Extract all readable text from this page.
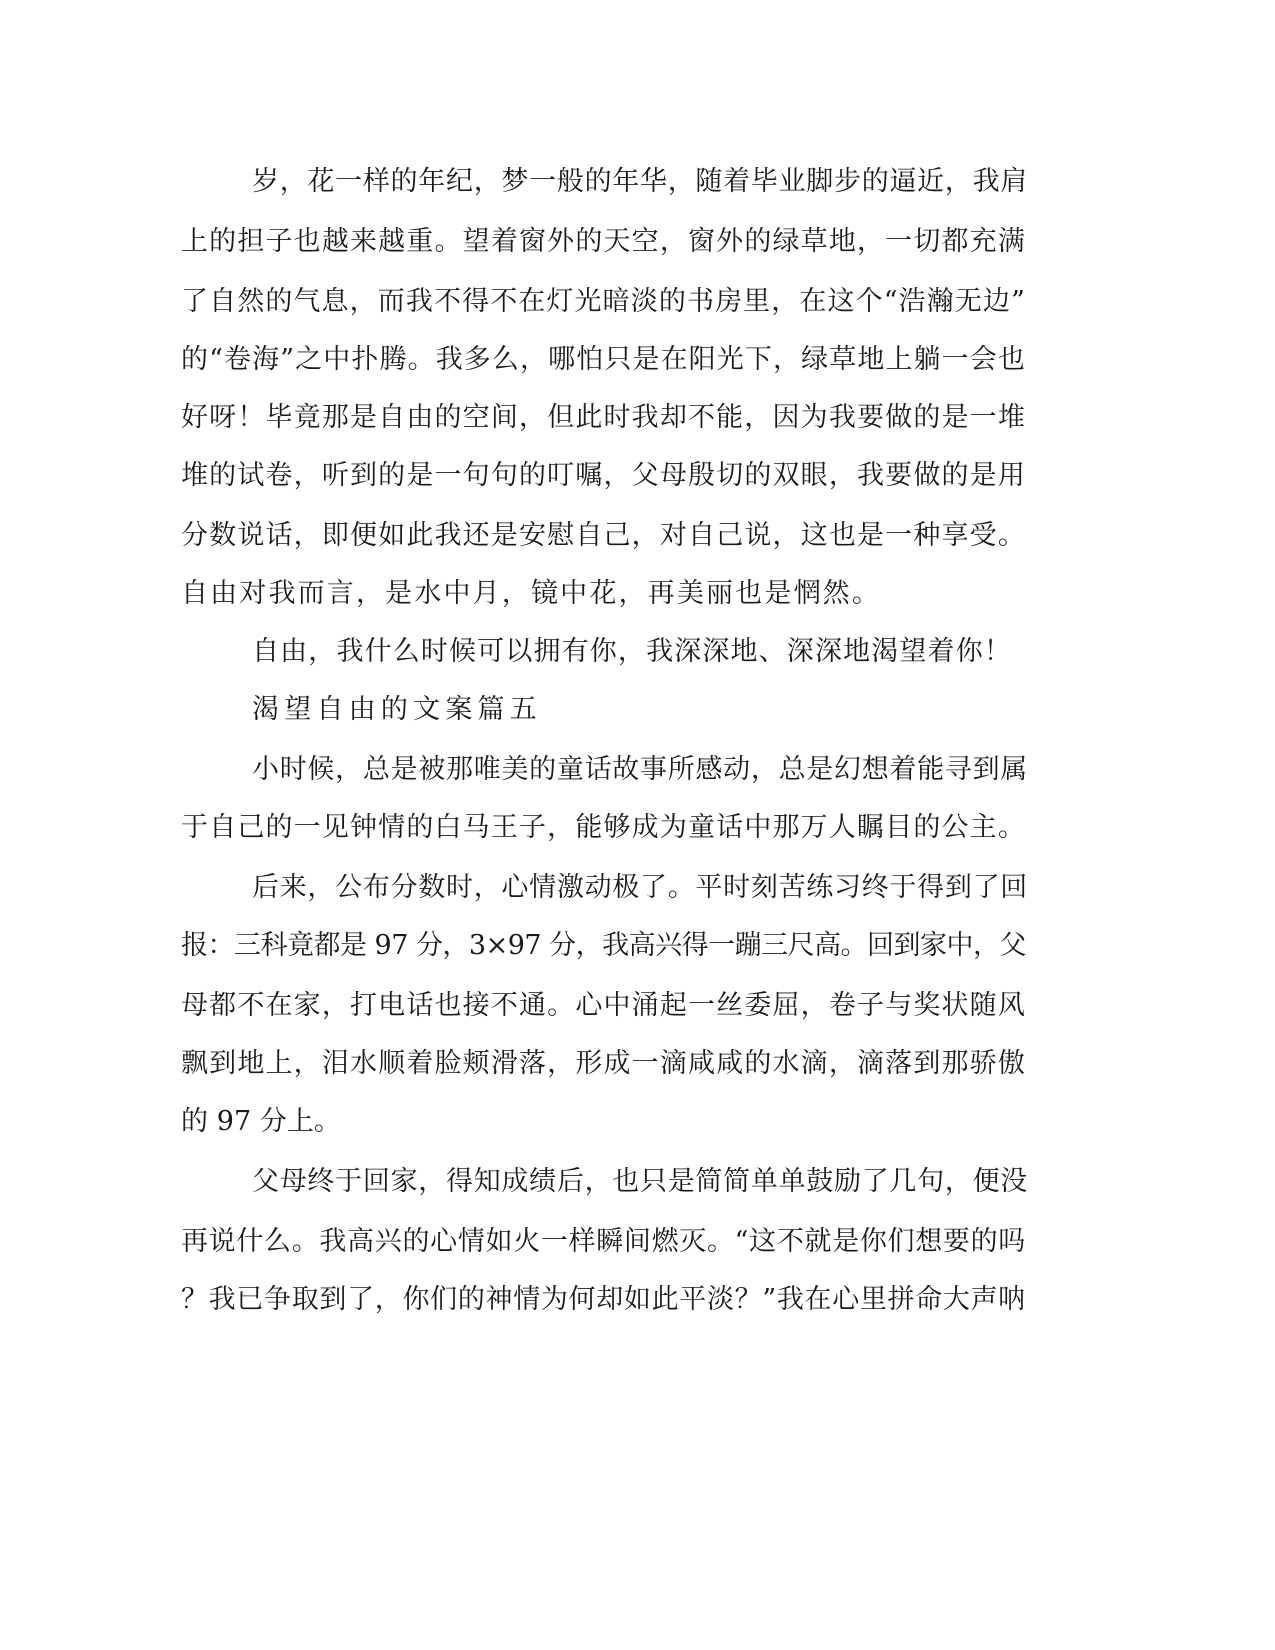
岁，花一样的年纪，梦一般的年华，随着毕业脚步的逼近，我肩
上的担子也越来越重。望着窗外的天空，窗外的绿草地，一切都充满
了自然的气息，而我不得不在灯光暗淡的书房里，在这个“浩瀚无边”
的“卷海”之中扑腾。我多么，哪怕只是在阳光下，绿草地上躺一会也
好呀！毕竟那是自由的空间，但此时我却不能，因为我要做的是一堆
堆的试卷，听到的是一句句的叮嘱，父母殷切的双眼，我要做的是用
分数说话，即便如此我还是安慰自己，对自己说，这也是一种享受。
自由对我而言，是水中月，镜中花，再美丽也是惘然。
自由，我什么时候可以拥有你，我深深地、深深地渴望着你！
渴望自由的文案篇五
小时候，总是被那唯美的童话故事所感动，总是幻想着能寻到属
于自己的一见钟情的白马王子，能够成为童话中那万人瞩目的公主。
后来，公布分数时，心情激动极了。平时刻苦练习终于得到了回
报：三科竟都是 97 分，3×97 分，我高兴得一蹦三尺高。回到家中，父
母都不在家，打电话也接不通。心中涌起一丝委屈，卷子与奖状随风
飘到地上，泪水顺着脸颊滑落，形成一滴咸咸的水滴，滴落到那骄傲
的 97 分上。
父母终于回家，得知成绩后，也只是简简单单鼓励了几句，便没
再说什么。我高兴的心情如火一样瞬间燃灭。“这不就是你们想要的吗
？我已争取到了，你们的神情为何却如此平淡？”我在心里拼命大声呐
